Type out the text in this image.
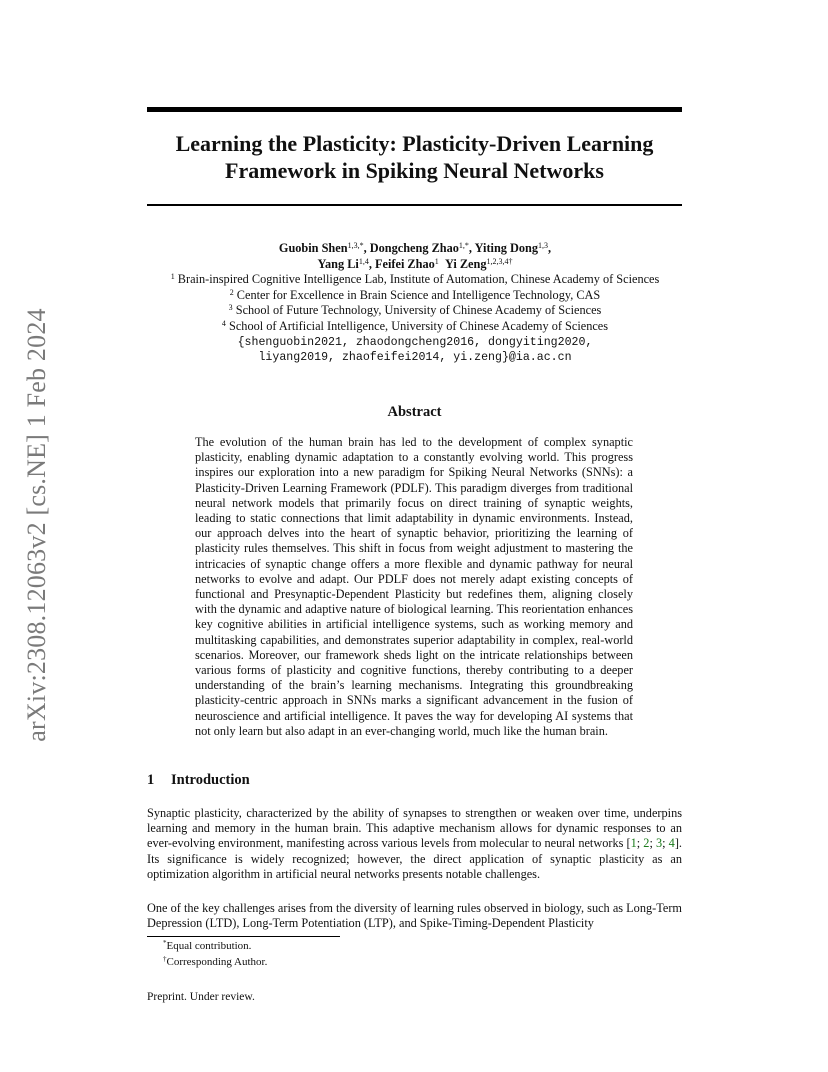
arXiv:2308.12063v2 [cs.NE] 1 Feb 2024
Learning the Plasticity: Plasticity-Driven Learning
Framework in Spiking Neural Networks
Guobin Shen$^{1,3,*}$, Dongcheng Zhao$^{1,*}$, Yiting Dong$^{1,3}$,
Yang Li$^{1,4}$, Feifei Zhao$^1$ Yi Zeng$^{1,2,3,4\dagger}$
$^1$ Brain-inspired Cognitive Intelligence Lab, Institute of Automation, Chinese Academy of Sciences
$^2$ Center for Excellence in Brain Science and Intelligence Technology, CAS
$^3$ School of Future Technology, University of Chinese Academy of Sciences
$^4$ School of Artificial Intelligence, University of Chinese Academy of Sciences
{shenguobin2021, zhaodongcheng2016, dongyiting2020,
liyang2019, zhaofeifei2014, yi.zeng}@ia.ac.cn
Abstract

The evolution of the human brain has led to the development of complex synaptic plasticity, enabling dynamic adaptation to a constantly evolving world. This progress inspires our exploration into a new paradigm for Spiking Neural Networks (SNNs): a Plasticity-Driven Learning Framework (PDLF). This paradigm diverges from traditional neural network models that primarily focus on direct training of synaptic weights, leading to static connections that limit adaptability in dynamic environments. Instead, our approach delves into the heart of synaptic behavior, prioritizing the learning of plasticity rules themselves. This shift in focus from weight adjustment to mastering the intricacies of synaptic change offers a more flexible and dynamic pathway for neural networks to evolve and adapt. Our PDLF does not merely adapt existing concepts of functional and Presynaptic-Dependent Plasticity but redefines them, aligning closely with the dynamic and adaptive nature of biological learning. This reorientation enhances key cognitive abilities in artificial intelligence systems, such as working memory and multitasking capabilities, and demonstrates superior adaptability in complex, real-world scenarios. Moreover, our framework sheds light on the intricate relationships between various forms of plasticity and cognitive functions, thereby contributing to a deeper understanding of the brain’s learning mechanisms. Integrating this groundbreaking plasticity-centric approach in SNNs marks a significant advancement in the fusion of neuroscience and artificial intelligence. It paves the way for developing AI systems that not only learn but also adapt in an ever-changing world, much like the human brain.

1 Introduction

Synaptic plasticity, characterized by the ability of synapses to strengthen or weaken over time, underpins learning and memory in the human brain. This adaptive mechanism allows for dynamic responses to an ever-evolving environment, manifesting across various levels from molecular to neural networks [1; 2; 3; 4]. Its significance is widely recognized; however, the direct application of synaptic plasticity as an optimization algorithm in artificial neural networks presents notable challenges.

One of the key challenges arises from the diversity of learning rules observed in biology, such as Long-Term Depression (LTD), Long-Term Potentiation (LTP), and Spike-Timing-Dependent Plasticity

*Equal contribution.

†Corresponding Author.

Preprint. Under review.
